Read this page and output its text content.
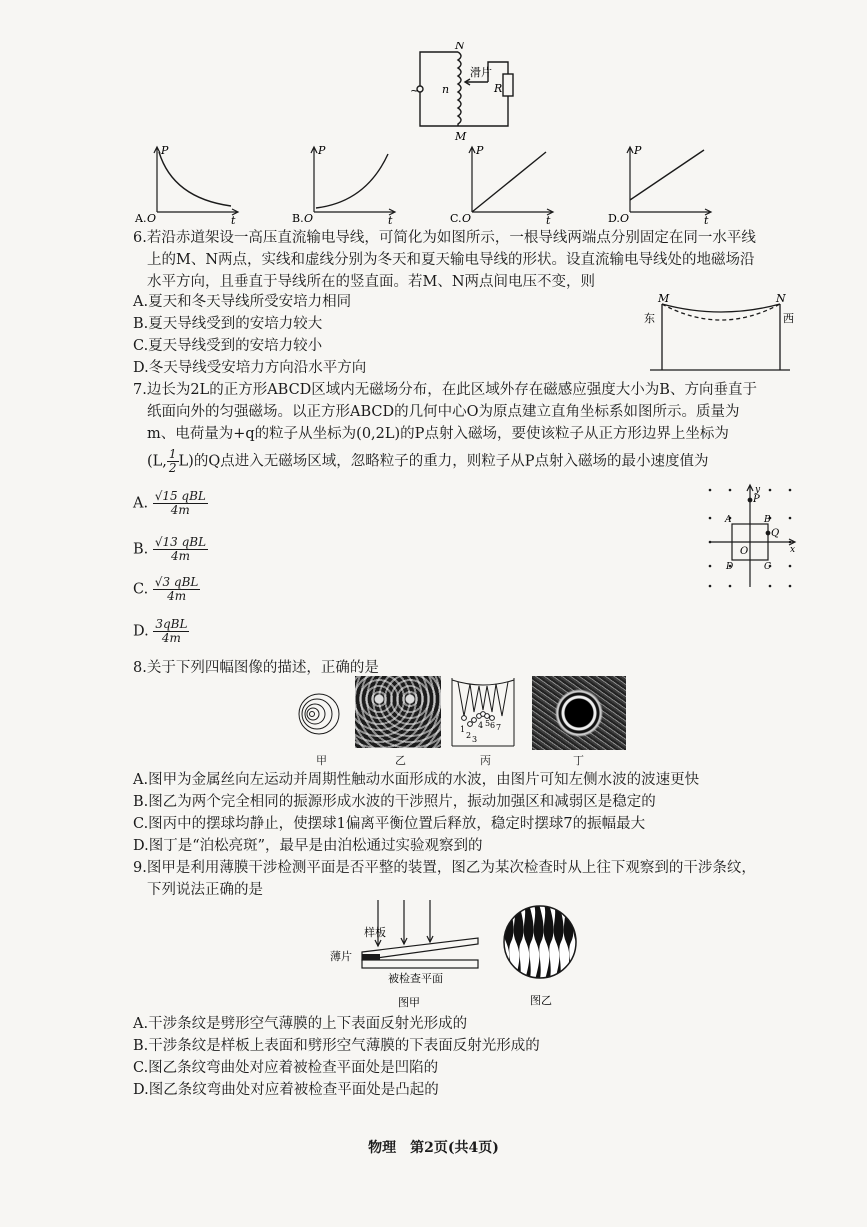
N
M
n
滑片
R
~
A. O
P
t	B. O
P
t	C. O
P
t	D. O
P
t
6.若沿赤道架设一高压直流输电导线，可简化为如图所示，一根导线两端点分别固定在同一水平线
上的M、N两点，实线和虚线分别为冬天和夏天输电导线的形状。设直流输电导线处的地磁场沿
水平方向，且垂直于导线所在的竖直面。若M、N两点间电压不变，则
A.夏天和冬天导线所受安培力相同
B.夏天导线受到的安培力较大
C.夏天导线受到的安培力较小
D.冬天导线受安培力方向沿水平方向
M	N
东	西
7.边长为2L的正方形ABCD区域内无磁场分布，在此区域外存在磁感应强度大小为B、方向垂直于
纸面向外的匀强磁场。以正方形ABCD的几何中心O为原点建立直角坐标系如图所示。质量为
m、电荷量为+q的粒子从坐标为(0,2L)的P点射入磁场，要使该粒子从正方形边界上坐标为
(L, $\frac{1}{2} L$)的Q点进入无磁场区域，忽略粒子的重力，则粒子从P点射入磁场的最小速度值为
A. $\frac{\text{√15 qBL}}{4m}$
B. $\frac{\text{√13 qBL}}{4m}$
C. $\frac{\text{√3 qBL}}{4m}$
D. $\frac{\text{3qBL}}{4m}$
P
Q
y
x
A	B
C
D
O
8.关于下列四幅图像的描述，正确的是
1
2 3
4 5 6 7
甲	乙	丙	丁
A.图甲为金属丝向左运动并周期性触动水面形成的水波，由图片可知左侧水波的波速更快
B.图乙为两个完全相同的振源形成水波的干涉照片，振动加强区和减弱区是稳定的
C.图丙中的摆球均静止，使摆球1偏离平衡位置后释放，稳定时摆球7的振幅最大
D.图丁是“泊松亮斑”，最早是由泊松通过实验观察到的
9.图甲是利用薄膜干涉检测平面是否平整的装置，图乙为某次检查时从上往下观察到的干涉条纹，
下列说法正确的是
样板
薄片
被检查平面
图甲	图乙
A.干涉条纹是劈形空气薄膜的上下表面反射光形成的
B.干涉条纹是样板上表面和劈形空气薄膜的下表面反射光形成的
C.图乙条纹弯曲处对应着被检查平面处是凹陷的
D.图乙条纹弯曲处对应着被检查平面处是凸起的
物理　第2页(共4页)
